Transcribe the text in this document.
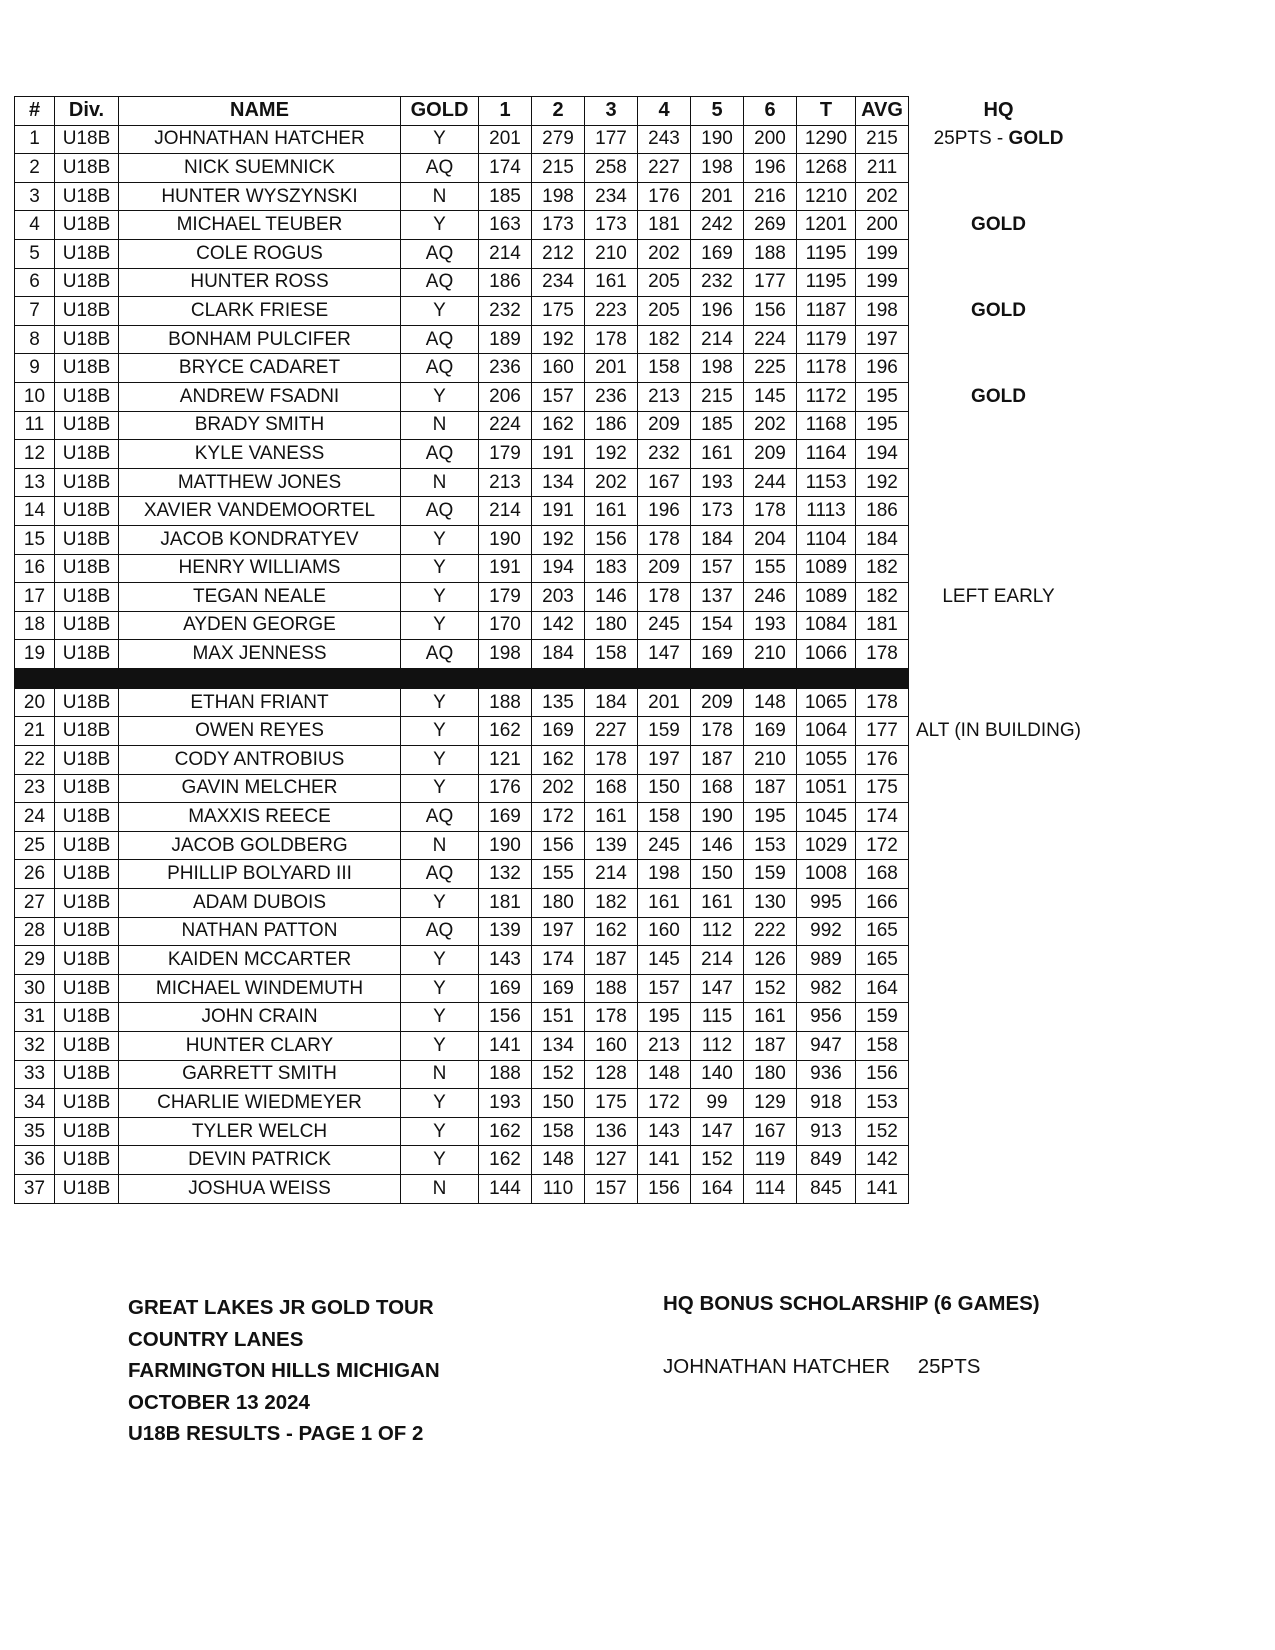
#	Div.	NAME	GOLD	1	2	3	4	5	6	T	AVG	HQ
1	U18B	JOHNATHAN HATCHER	Y	201	279	177	243	190	200	1290	215	25PTS - GOLD
2	U18B	NICK SUEMNICK	AQ	174	215	258	227	198	196	1268	211	
3	U18B	HUNTER WYSZYNSKI	N	185	198	234	176	201	216	1210	202	
4	U18B	MICHAEL TEUBER	Y	163	173	173	181	242	269	1201	200	GOLD
5	U18B	COLE ROGUS	AQ	214	212	210	202	169	188	1195	199	
6	U18B	HUNTER ROSS	AQ	186	234	161	205	232	177	1195	199	
7	U18B	CLARK FRIESE	Y	232	175	223	205	196	156	1187	198	GOLD
8	U18B	BONHAM PULCIFER	AQ	189	192	178	182	214	224	1179	197	
9	U18B	BRYCE CADARET	AQ	236	160	201	158	198	225	1178	196	
10	U18B	ANDREW FSADNI	Y	206	157	236	213	215	145	1172	195	GOLD
11	U18B	BRADY SMITH	N	224	162	186	209	185	202	1168	195	
12	U18B	KYLE VANESS	AQ	179	191	192	232	161	209	1164	194	
13	U18B	MATTHEW JONES	N	213	134	202	167	193	244	1153	192	
14	U18B	XAVIER VANDEMOORTEL	AQ	214	191	161	196	173	178	1113	186	
15	U18B	JACOB KONDRATYEV	Y	190	192	156	178	184	204	1104	184	
16	U18B	HENRY WILLIAMS	Y	191	194	183	209	157	155	1089	182	
17	U18B	TEGAN NEALE	Y	179	203	146	178	137	246	1089	182	LEFT EARLY
18	U18B	AYDEN GEORGE	Y	170	142	180	245	154	193	1084	181	
19	U18B	MAX JENNESS	AQ	198	184	158	147	169	210	1066	178	

20	U18B	ETHAN FRIANT	Y	188	135	184	201	209	148	1065	178	
21	U18B	OWEN REYES	Y	162	169	227	159	178	169	1064	177	ALT (IN BUILDING)
22	U18B	CODY ANTROBIUS	Y	121	162	178	197	187	210	1055	176	
23	U18B	GAVIN MELCHER	Y	176	202	168	150	168	187	1051	175	
24	U18B	MAXXIS REECE	AQ	169	172	161	158	190	195	1045	174	
25	U18B	JACOB GOLDBERG	N	190	156	139	245	146	153	1029	172	
26	U18B	PHILLIP BOLYARD III	AQ	132	155	214	198	150	159	1008	168	
27	U18B	ADAM DUBOIS	Y	181	180	182	161	161	130	995	166	
28	U18B	NATHAN PATTON	AQ	139	197	162	160	112	222	992	165	
29	U18B	KAIDEN MCCARTER	Y	143	174	187	145	214	126	989	165	
30	U18B	MICHAEL WINDEMUTH	Y	169	169	188	157	147	152	982	164	
31	U18B	JOHN CRAIN	Y	156	151	178	195	115	161	956	159	
32	U18B	HUNTER CLARY	Y	141	134	160	213	112	187	947	158	
33	U18B	GARRETT SMITH	N	188	152	128	148	140	180	936	156	
34	U18B	CHARLIE WIEDMEYER	Y	193	150	175	172	99	129	918	153	
35	U18B	TYLER WELCH	Y	162	158	136	143	147	167	913	152	
36	U18B	DEVIN PATRICK	Y	162	148	127	141	152	119	849	142	
37	U18B	JOSHUA WEISS	N	144	110	157	156	164	114	845	141	
GREAT LAKES JR GOLD TOUR
COUNTRY LANES
FARMINGTON HILLS MICHIGAN
OCTOBER 13 2024
U18B RESULTS - PAGE 1 OF 2
HQ BONUS SCHOLARSHIP (6 GAMES)
JOHNATHAN HATCHER 25PTS
